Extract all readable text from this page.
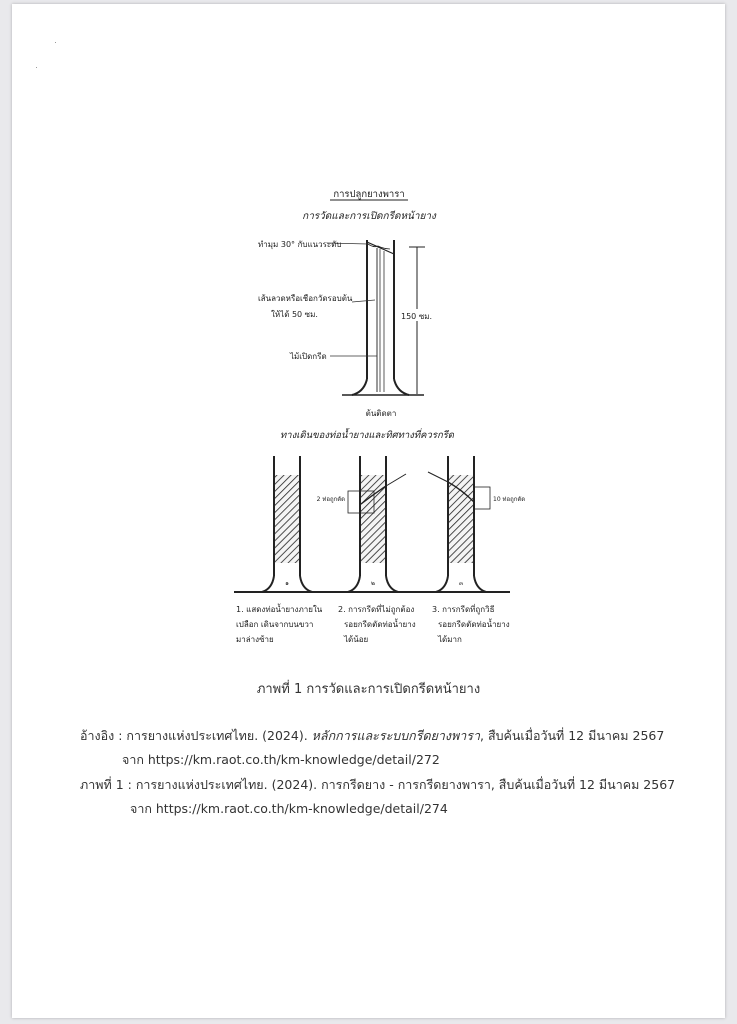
การปลูกยางพารา
การวัดและการเปิดกรีดหน้ายาง
ทำมุม 30° กับแนวระดับ
เส้นลวดหรือเชือกวัดรอบต้น
ให้ได้ 50 ซม.
ไม้เปิดกรีด
150 ซม.
ต้นติดตา
ทางเดินของท่อน้ำยางและทิศทางที่ควรกรีด
๑
2 ท่อถูกตัด
๒
10 ท่อถูกตัด
๓
1. แสดงท่อน้ำยางภายใน
เปลือก เดินจากบนขวา
มาล่างซ้าย
2. การกรีดที่ไม่ถูกต้อง
รอยกรีดตัดท่อน้ำยาง
ได้น้อย
3. การกรีดที่ถูกวิธี
รอยกรีดตัดท่อน้ำยาง
ได้มาก
ภาพที่ 1 การวัดและการเปิดกรีดหน้ายาง
อ้างอิง : การยางแห่งประเทศไทย. (2024). หลักการและระบบกรีดยางพารา, สืบค้นเมื่อวันที่ 12 มีนาคม 2567
จาก https://km.raot.co.th/km-knowledge/detail/272
ภาพที่ 1 : การยางแห่งประเทศไทย. (2024). การกรีดยาง - การกรีดยางพารา, สืบค้นเมื่อวันที่ 12 มีนาคม 2567
จาก https://km.raot.co.th/km-knowledge/detail/274
